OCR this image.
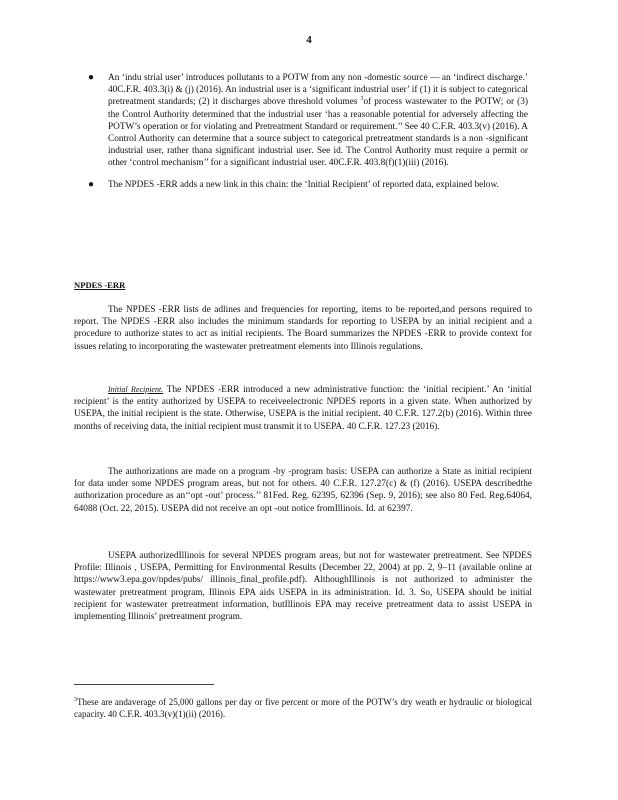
4
● An ‘indu strial user’ introduces pollutants to a POTW from any non -domestic source — an ‘indirect discharge.’ 40C.F.R. 403.3(i) & (j) (2016). An industrial user is a ‘significant industrial user’ if (1) it is subject to categorical pretreatment standards; (2) it discharges above threshold volumes $^3$of process wastewater to the POTW; or (3) the Control Authority determined that the industrial user ‘has a reasonable potential for adversely affecting the POTW’s operation or for violating and Pretreatment Standard or requirement.’’ See 40 C.F.R. 403.3(v) (2016). A Control Authority can determine that a source subject to categorical pretreatment standards is a non -significant industrial user, rather thana significant industrial user. See id. The Control Authority must require a permit or other ‘control mechanism’’ for a significant industrial user. 40C.F.R. 403.8(f)(1)(iii) (2016).
● The NPDES -ERR adds a new link in this chain: the ‘Initial Recipient’ of reported data, explained below.
NPDES -ERR
The NPDES -ERR lists de adlines and frequencies for reporting, items to be reported,and persons required to report. The NPDES -ERR also includes the minimum standards for reporting to USEPA by an initial recipient and a procedure to authorize states to act as initial recipients. The Board summarizes the NPDES -ERR to provide context for issues relating to incorporating the wastewater pretreatment elements into Illinois regulations.
Initial Recipient. The NPDES -ERR introduced a new administrative function: the ‘initial recipient.’ An ‘initial recipient’ is the entity authorized by USEPA to receiveelectronic NPDES reports in a given state. When authorized by USEPA, the initial recipient is the state. Otherwise, USEPA is the initial recipient. 40 C.F.R. 127.2(b) (2016). Within three months of receiving data, the initial recipient must transmit it to USEPA. 40 C.F.R. 127.23 (2016).
The authorizations are made on a program -by -program basis: USEPA can authorize a State as initial recipient for data under some NPDES program areas, but not for others. 40 C.F.R. 127.27(c) & (f) (2016). USEPA describedthe authorization procedure as an‘‘opt -out’ process.’’ 81Fed. Reg. 62395, 62396 (Sep. 9, 2016); see also 80 Fed. Reg.64064, 64088 (Oct. 22, 2015). USEPA did not receive an opt -out notice fromIllinois. Id. at 62397.
USEPA authorizedIllinois for several NPDES program areas, but not for wastewater pretreatment. See NPDES Profile: Illinois , USEPA, Permitting for Environmental Results (December 22, 2004) at pp. 2, 9–11 (available online at https://www3.epa.gov/npdes/pubs/ illinois_final_profile.pdf). AlthoughIllinois is not authorized to administer the wastewater pretreatment program, Illinois EPA aids USEPA in its administration. Id. 3. So, USEPA should be initial recipient for wastewater pretreatment information, butIllinois EPA may receive pretreatment data to assist USEPA in implementing Illinois’ pretreatment program.
$^3$These are andaverage of 25,000 gallons per day or five percent or more of the POTW’s dry weath er hydraulic or biological capacity. 40 C.F.R. 403.3(v)(1)(ii) (2016).
